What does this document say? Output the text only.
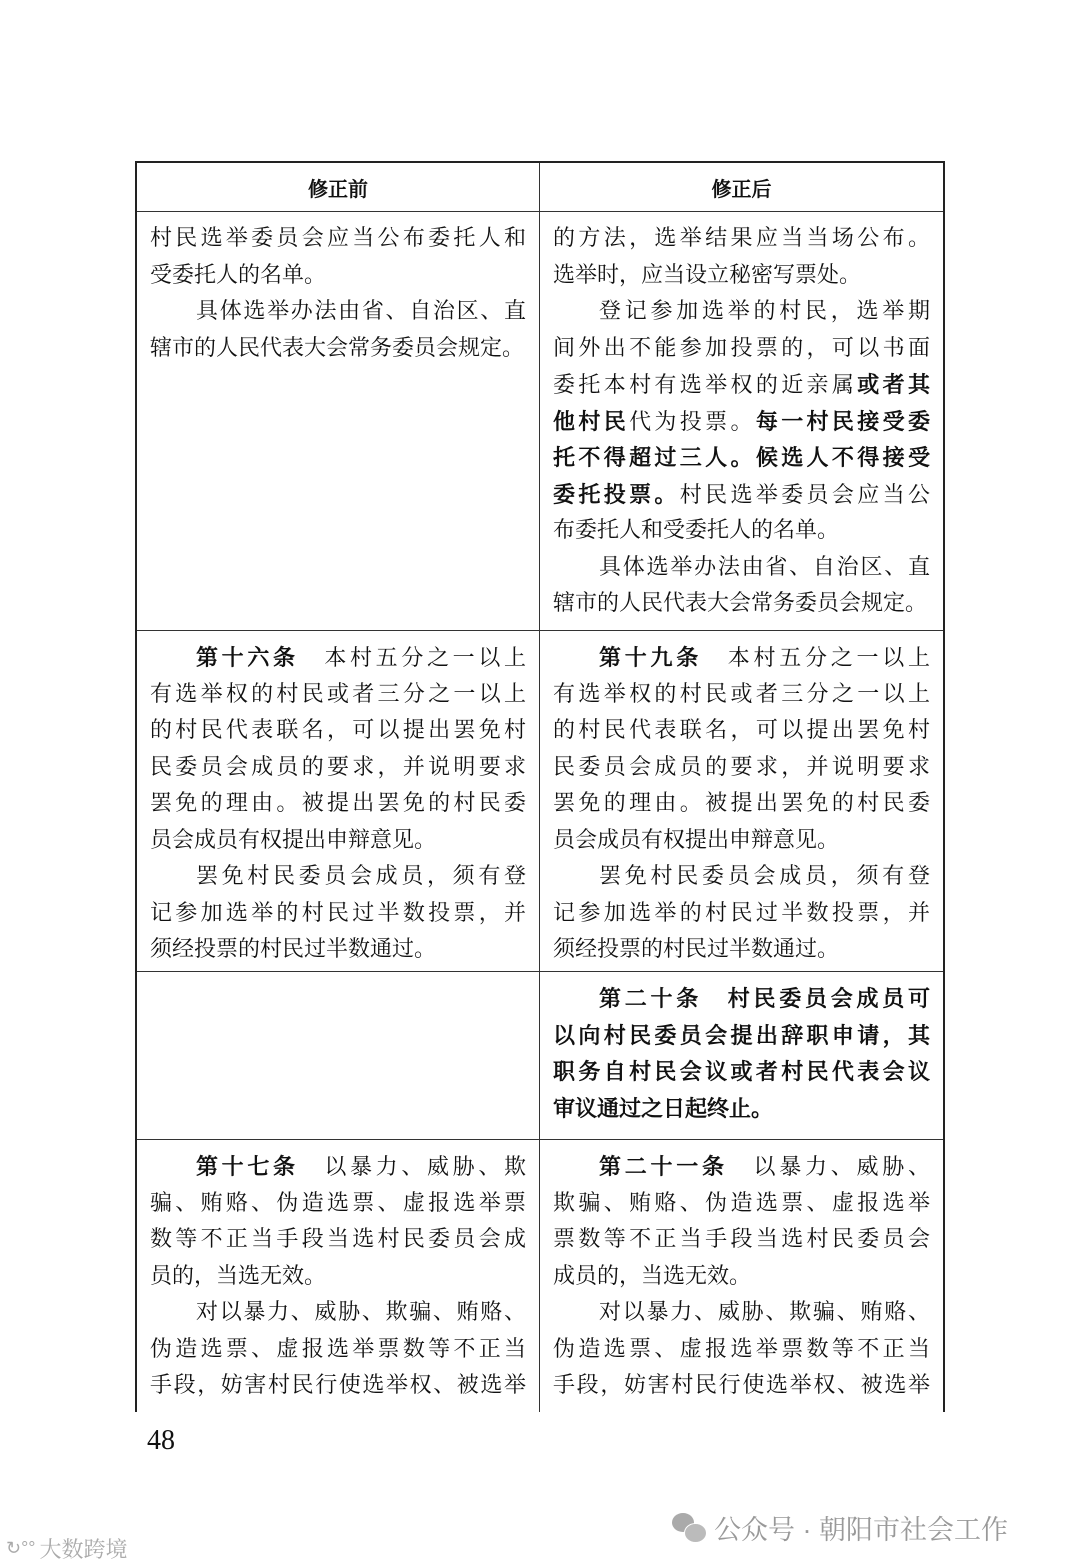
修正前	修正后
村民选举委员会应当公布委托人和
受委托人的名单。
具体选举办法由省、自治区、直
辖市的人民代表大会常务委员会规定。
的方法，选举结果应当当场公布。
选举时，应当设立秘密写票处。
登记参加选举的村民，选举期
间外出不能参加投票的，可以书面
委托本村有选举权的近亲属或者其
他村民代为投票。每一村民接受委
托不得超过三人。候选人不得接受
委托投票。村民选举委员会应当公
布委托人和受委托人的名单。
具体选举办法由省、自治区、直
辖市的人民代表大会常务委员会规定。
第十六条　本村五分之一以上
有选举权的村民或者三分之一以上
的村民代表联名，可以提出罢免村
民委员会成员的要求，并说明要求
罢免的理由。被提出罢免的村民委
员会成员有权提出申辩意见。
罢免村民委员会成员，须有登
记参加选举的村民过半数投票，并
须经投票的村民过半数通过。
第十九条　本村五分之一以上
有选举权的村民或者三分之一以上
的村民代表联名，可以提出罢免村
民委员会成员的要求，并说明要求
罢免的理由。被提出罢免的村民委
员会成员有权提出申辩意见。
罢免村民委员会成员，须有登
记参加选举的村民过半数投票，并
须经投票的村民过半数通过。
第二十条　村民委员会成员可
以向村民委员会提出辞职申请，其
职务自村民会议或者村民代表会议
审议通过之日起终止。
第十七条　以暴力、威胁、欺
骗、贿赂、伪造选票、虚报选举票
数等不正当手段当选村民委员会成
员的，当选无效。
对以暴力、威胁、欺骗、贿赂、
伪造选票、虚报选举票数等不正当
手段，妨害村民行使选举权、被选举
第二十一条　以暴力、威胁、
欺骗、贿赂、伪造选票、虚报选举
票数等不正当手段当选村民委员会
成员的，当选无效。
对以暴力、威胁、欺骗、贿赂、
伪造选票、虚报选举票数等不正当
手段，妨害村民行使选举权、被选举
48
公众号 · 朝阳市社会工作
↻°° 大数跨境
